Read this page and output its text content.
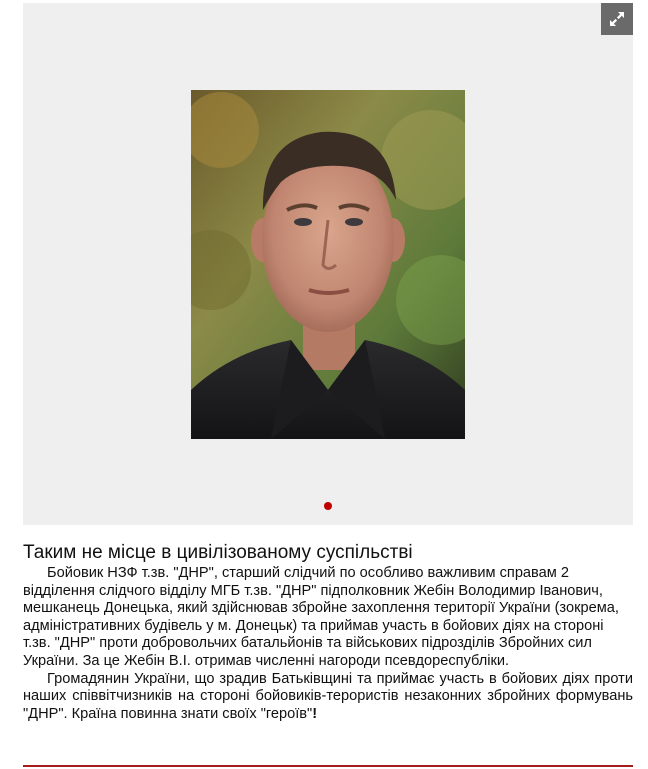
Таким не місце в цивілізованому суспільстві

Бойовик НЗФ т.зв. "ДНР", старший слідчий по особливо важливим справам 2 відділення слідчого відділу МГБ т.зв. "ДНР" підполковник Жебін Володимир Іванович, мешканець Донецька, який здійснював збройне захоплення території України (зокрема, адміністративних будівель у м. Донецьк) та приймав участь в бойових діях на стороні т.зв. "ДНР" проти добровольчих батальйонів та військових підрозділів Збройних сил України. За це Жебін В.І. отримав численні нагороди псевдореспубліки.

Громадянин України, що зрадив Батьківщині та приймає участь в бойових діях проти наших співвітчизників на стороні бойовиків-терористів незаконних збройних формувань "ДНР". Країна повинна знати своїх "героїв"!
